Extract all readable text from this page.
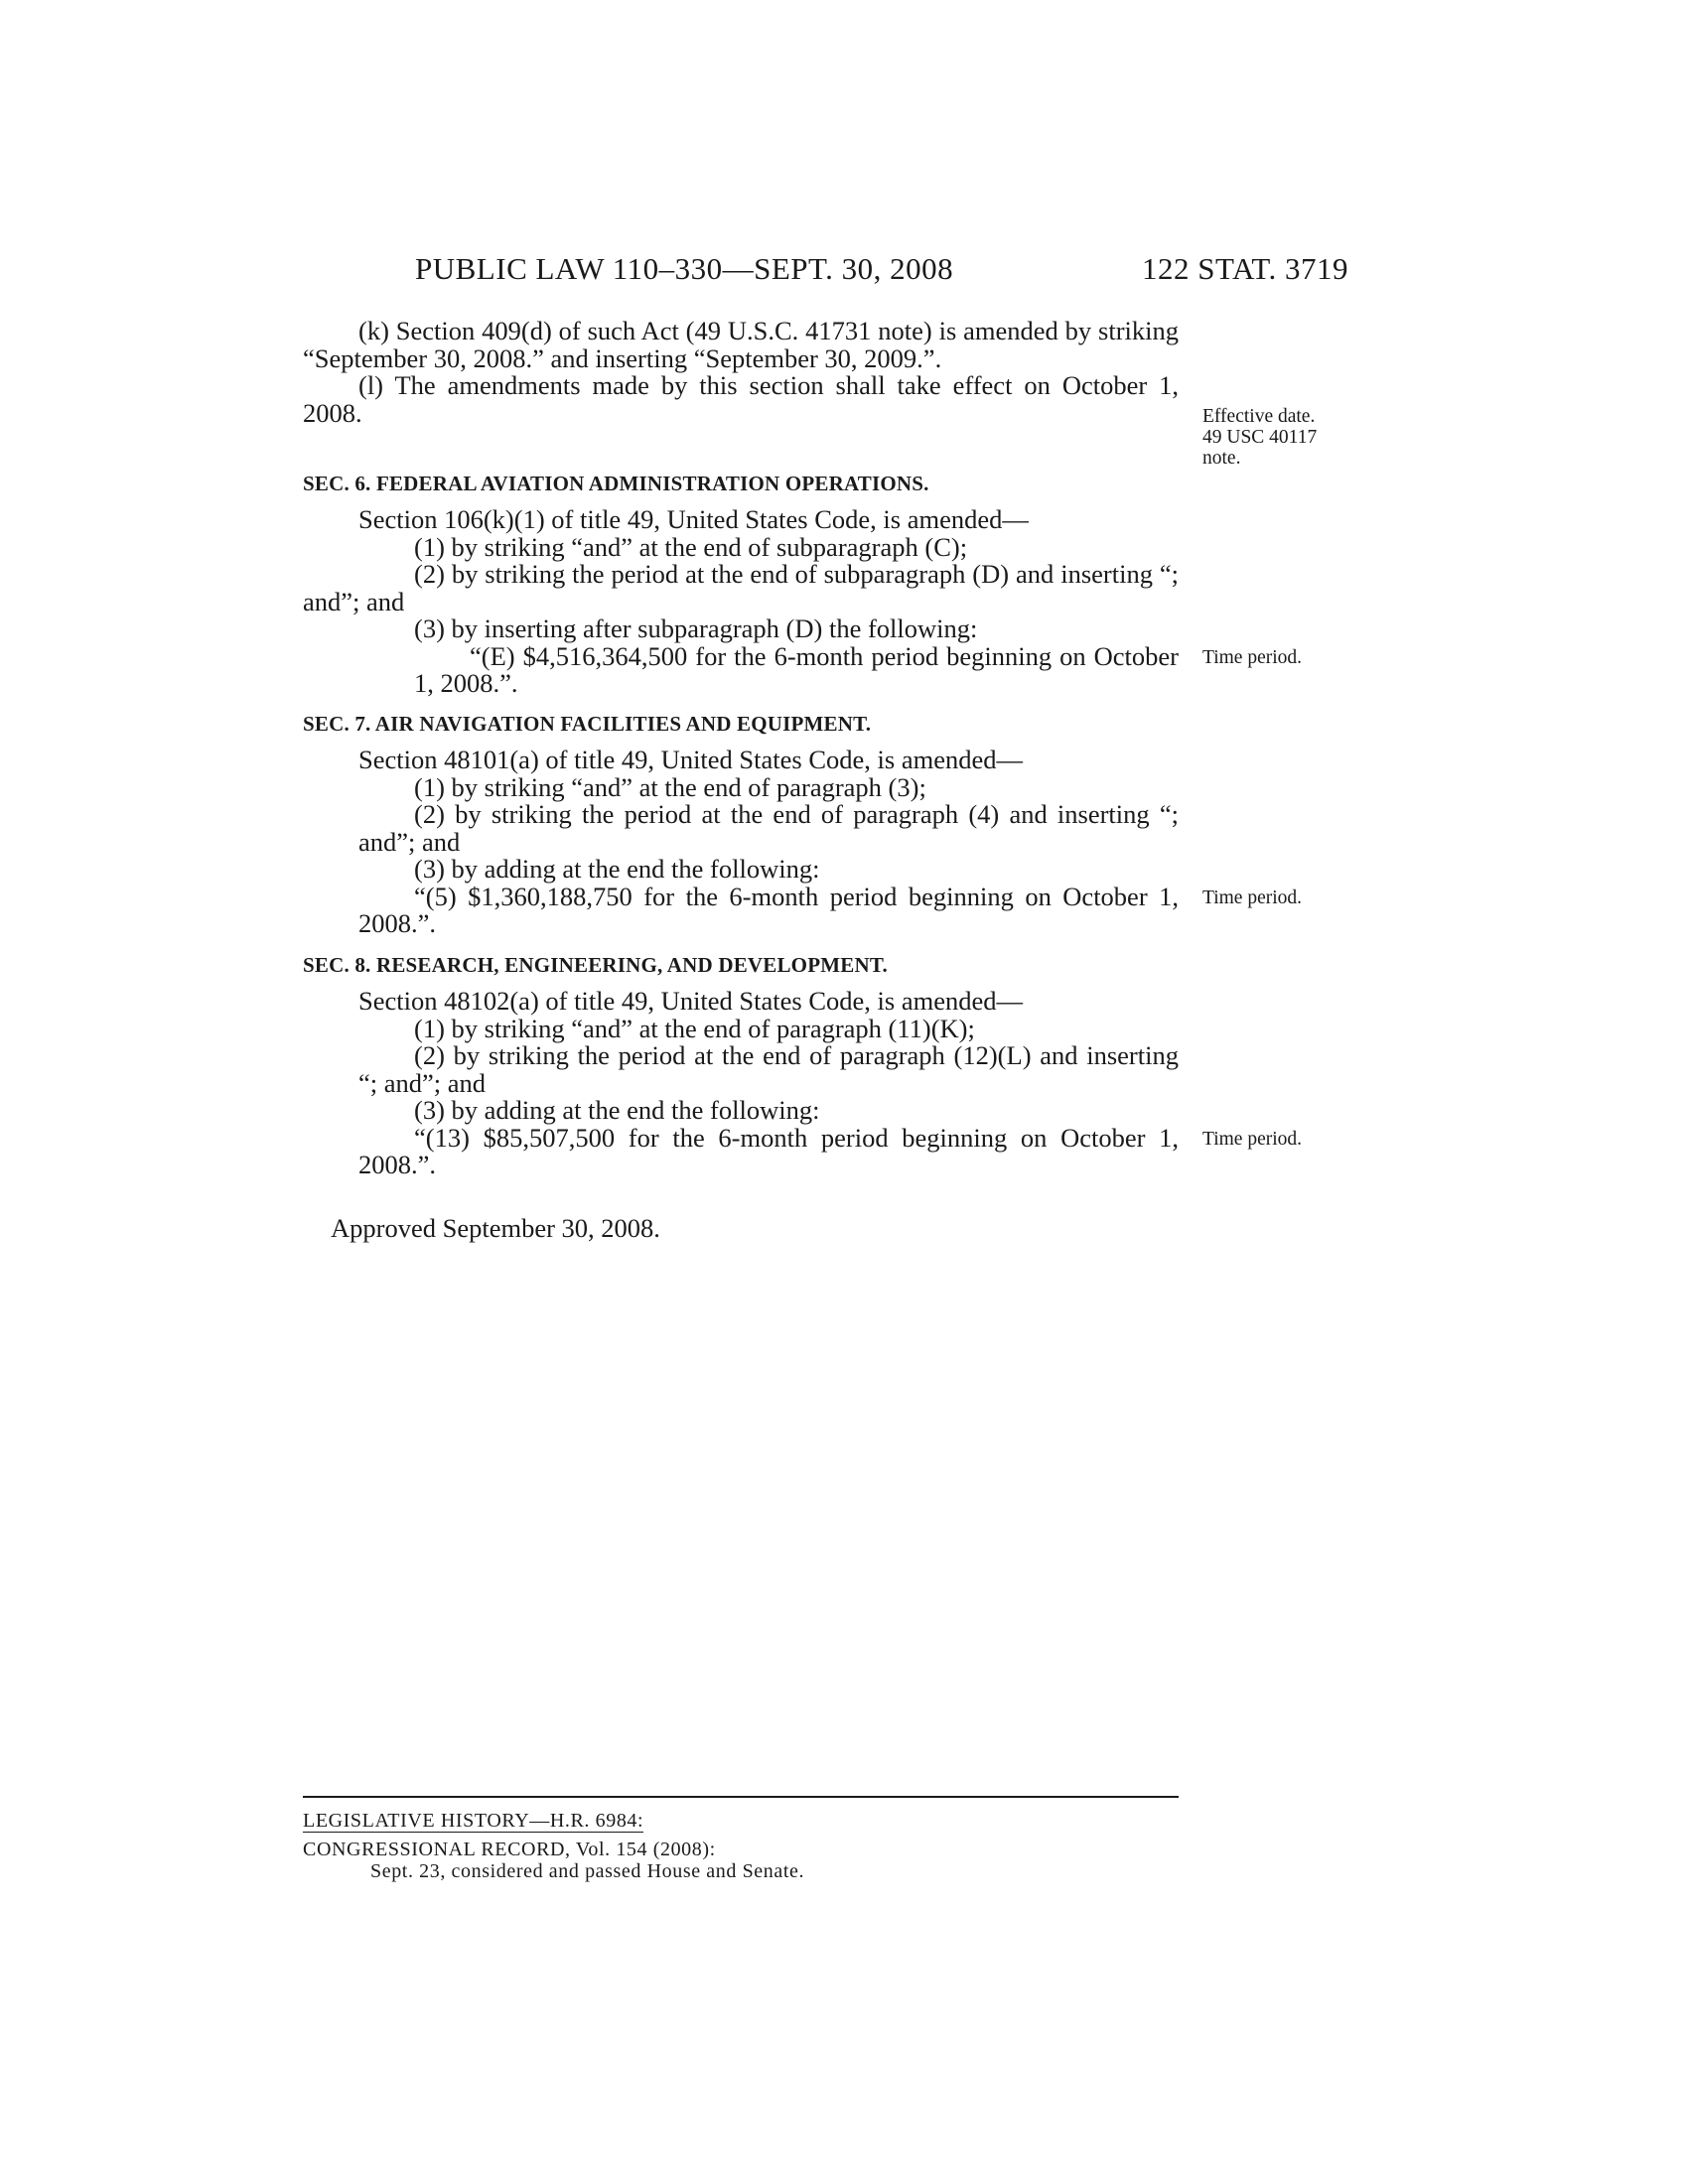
PUBLIC LAW 110–330—SEPT. 30, 2008	122 STAT. 3719

(k) Section 409(d) of such Act (49 U.S.C. 41731 note) is amended by striking “September 30, 2008.” and inserting “September 30, 2009.”.

(l) The amendments made by this section shall take effect on October 1, 2008.	Effective date.
49 USC 40117
note.
SEC. 6. FEDERAL AVIATION ADMINISTRATION OPERATIONS.

Section 106(k)(1) of title 49, United States Code, is amended—

(1) by striking “and” at the end of subparagraph (C);

(2) by striking the period at the end of subparagraph (D) and inserting “; and”; and

(3) by inserting after subparagraph (D) the following:

“(E) $4,516,364,500 for the 6-month period beginning on October 1, 2008.”.

Time period.
SEC. 7. AIR NAVIGATION FACILITIES AND EQUIPMENT.

Section 48101(a) of title 49, United States Code, is amended—

(1) by striking “and” at the end of paragraph (3);

(2) by striking the period at the end of paragraph (4) and inserting “; and”; and

(3) by adding at the end the following:

“(5) $1,360,188,750 for the 6-month period beginning on October 1, 2008.”.

Time period.
SEC. 8. RESEARCH, ENGINEERING, AND DEVELOPMENT.

Section 48102(a) of title 49, United States Code, is amended—

(1) by striking “and” at the end of paragraph (11)(K);

(2) by striking the period at the end of paragraph (12)(L) and inserting “; and”; and

(3) by adding at the end the following:

“(13) $85,507,500 for the 6-month period beginning on October 1, 2008.”.

Time period.
Approved September 30, 2008.
LEGISLATIVE HISTORY—H.R. 6984:
CONGRESSIONAL RECORD, Vol. 154 (2008):
Sept. 23, considered and passed House and Senate.
